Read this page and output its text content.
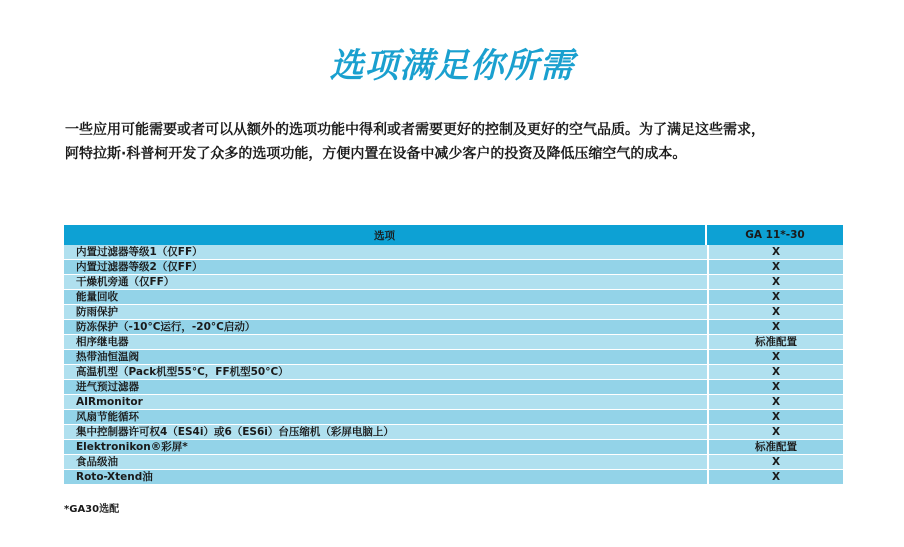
选项满足你所需
一些应用可能需要或者可以从额外的选项功能中得利或者需要更好的控制及更好的空气品质。为了满足这些需求，
阿特拉斯·科普柯开发了众多的选项功能，方便内置在设备中减少客户的投资及降低压缩空气的成本。
选项	GA 11*-30
内置过滤器等级1（仅FF）	X
内置过滤器等级2（仅FF）	X
干燥机旁通（仅FF）	X
能量回收	X
防雨保护	X
防冻保护（-10°C运行，-20°C启动）	X
相序继电器	标准配置
热带油恒温阀	X
高温机型（Pack机型55°C，FF机型50°C）	X
进气预过滤器	X
AIRmonitor	X
风扇节能循环	X
集中控制器许可权4（ES4i）或6（ES6i）台压缩机（彩屏电脑上）	X
Elektronikon®彩屏*	标准配置
食品级油	X
Roto-Xtend油	X
*GA30选配
